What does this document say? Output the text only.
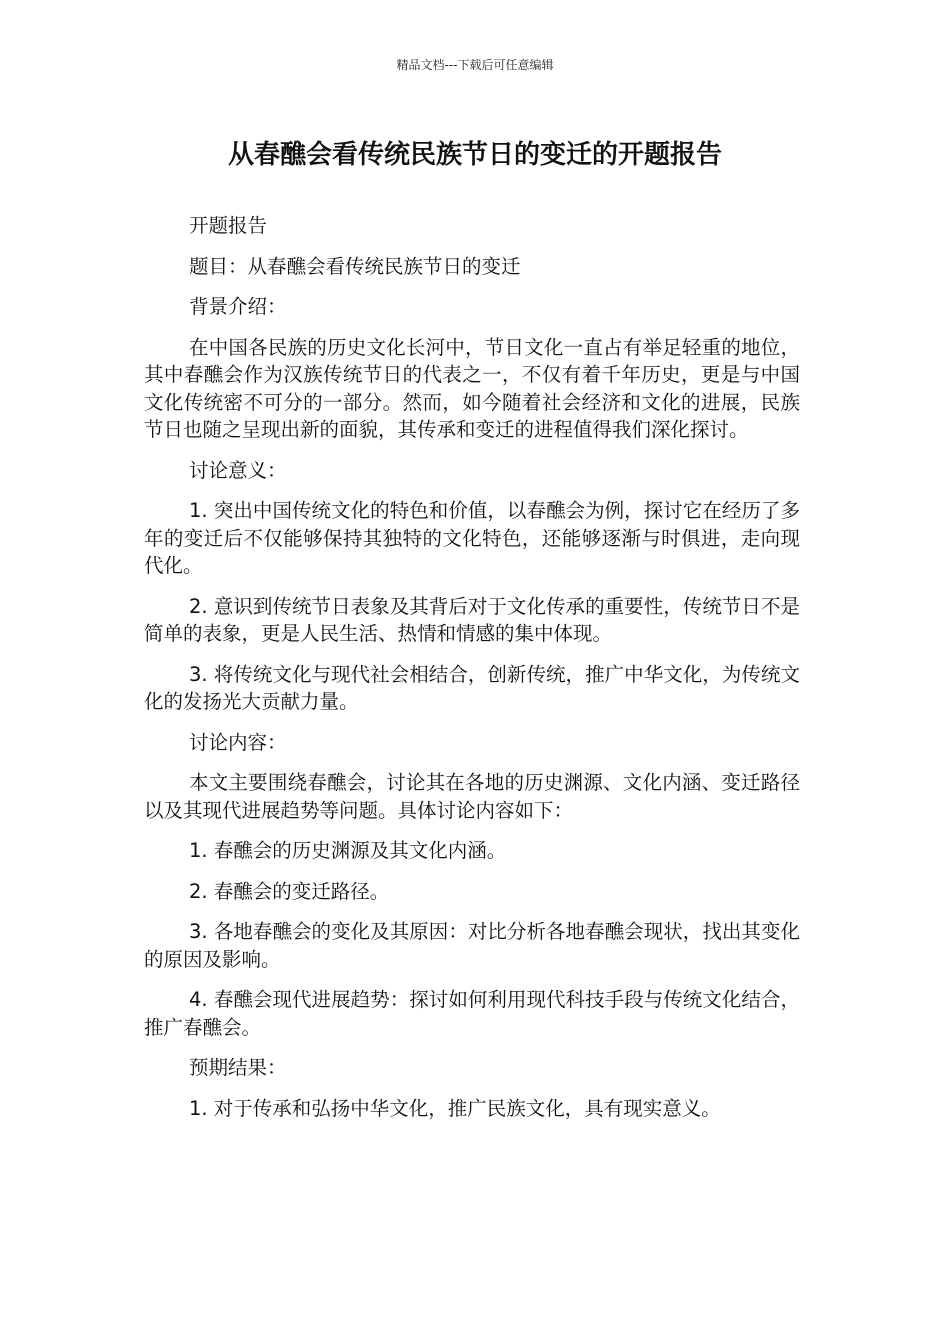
精品文档---下载后可任意编辑
从春醮会看传统民族节日的变迁的开题报告

开题报告

题目：从春醮会看传统民族节日的变迁

背景介绍：

在中国各民族的历史文化长河中，节日文化一直占有举足轻重的地位，其中春醮会作为汉族传统节日的代表之一，不仅有着千年历史，更是与中国文化传统密不可分的一部分。然而，如今随着社会经济和文化的进展，民族节日也随之呈现出新的面貌，其传承和变迁的进程值得我们深化探讨。

讨论意义：

1. 突出中国传统文化的特色和价值，以春醮会为例，探讨它在经历了多年的变迁后不仅能够保持其独特的文化特色，还能够逐渐与时俱进，走向现代化。

2. 意识到传统节日表象及其背后对于文化传承的重要性，传统节日不是简单的表象，更是人民生活、热情和情感的集中体现。

3. 将传统文化与现代社会相结合，创新传统，推广中华文化，为传统文化的发扬光大贡献力量。

讨论内容：

本文主要围绕春醮会，讨论其在各地的历史渊源、文化内涵、变迁路径以及其现代进展趋势等问题。具体讨论内容如下：

1. 春醮会的历史渊源及其文化内涵。

2. 春醮会的变迁路径。

3. 各地春醮会的变化及其原因：对比分析各地春醮会现状，找出其变化的原因及影响。

4. 春醮会现代进展趋势：探讨如何利用现代科技手段与传统文化结合，推广春醮会。

预期结果：

1. 对于传承和弘扬中华文化，推广民族文化，具有现实意义。
